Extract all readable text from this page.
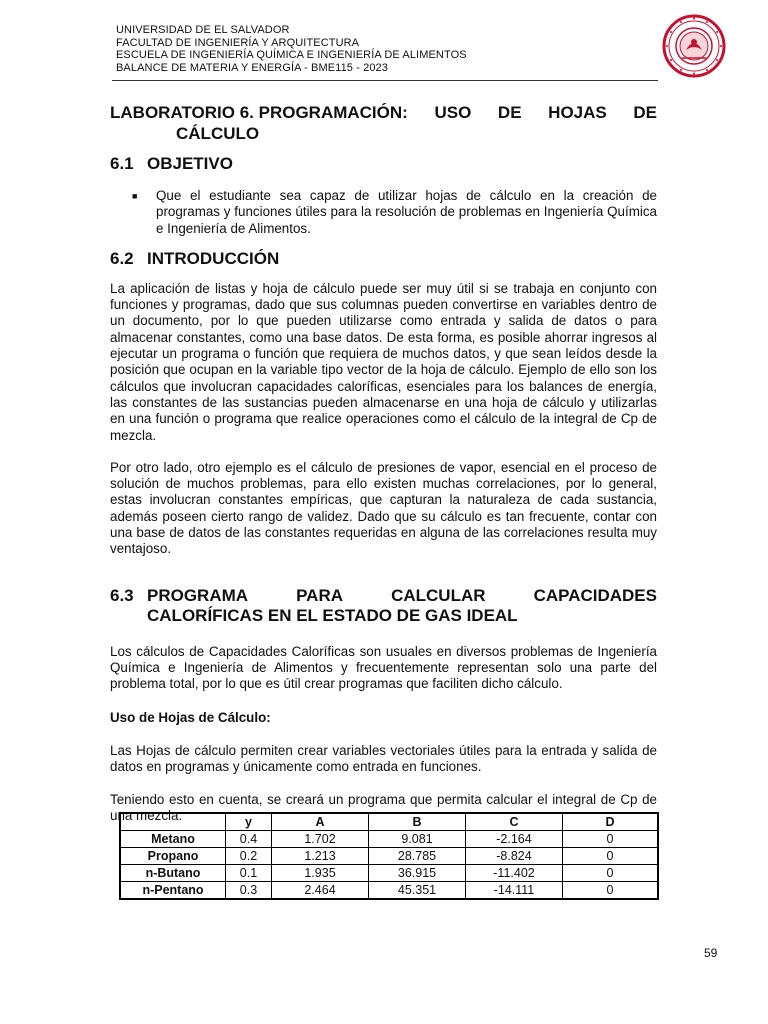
UNIVERSIDAD DE EL SALVADOR
FACULTAD DE INGENIERÍA Y ARQUITECTURA
ESCUELA DE INGENIERÍA QUÍMICA E INGENIERÍA DE ALIMENTOS
BALANCE DE MATERIA Y ENERGÍA - BME115 - 2023
LABORATORIO 6. PROGRAMACIÓN: USO DE HOJAS DE
CÁLCULO
6.1 OBJETIVO
■	Que el estudiante sea capaz de utilizar hojas de cálculo en la creación de programas y funciones útiles para la resolución de problemas en Ingeniería Química e Ingeniería de Alimentos.
6.2 INTRODUCCIÓN

La aplicación de listas y hoja de cálculo puede ser muy útil si se trabaja en conjunto con funciones y programas, dado que sus columnas pueden convertirse en variables dentro de un documento, por lo que pueden utilizarse como entrada y salida de datos o para almacenar constantes, como una base datos. De esta forma, es posible ahorrar ingresos al ejecutar un programa o función que requiera de muchos datos, y que sean leídos desde la posición que ocupan en la variable tipo vector de la hoja de cálculo. Ejemplo de ello son los cálculos que involucran capacidades caloríficas, esenciales para los balances de energía, las constantes de las sustancias pueden almacenarse en una hoja de cálculo y utilizarlas en una función o programa que realice operaciones como el cálculo de la integral de Cp de mezcla.

Por otro lado, otro ejemplo es el cálculo de presiones de vapor, esencial en el proceso de solución de muchos problemas, para ello existen muchas correlaciones, por lo general, estas involucran constantes empíricas, que capturan la naturaleza de cada sustancia, además poseen cierto rango de validez. Dado que su cálculo es tan frecuente, contar con una base de datos de las constantes requeridas en alguna de las correlaciones resulta muy ventajoso.

6.3 PROGRAMA	PARA	CALCULAR	CAPACIDADES
CALORÍFICAS EN EL ESTADO DE GAS IDEAL

Los cálculos de Capacidades Caloríficas son usuales en diversos problemas de Ingeniería Química e Ingeniería de Alimentos y frecuentemente representan solo una parte del problema total, por lo que es útil crear programas que faciliten dicho cálculo.

Uso de Hojas de Cálculo:

Las Hojas de cálculo permiten crear variables vectoriales útiles para la entrada y salida de datos en programas y únicamente como entrada en funciones.

Teniendo esto en cuenta, se creará un programa que permita calcular el integral de Cp de una mezcla:

		y	A	B	C	D
Metano	0.4	1.702	9.081	-2.164	0
Propano	0.2	1.213	28.785	-8.824	0
n-Butano	0.1	1.935	36.915	-11.402	0
n-Pentano	0.3	2.464	45.351	-14.111	0
59
